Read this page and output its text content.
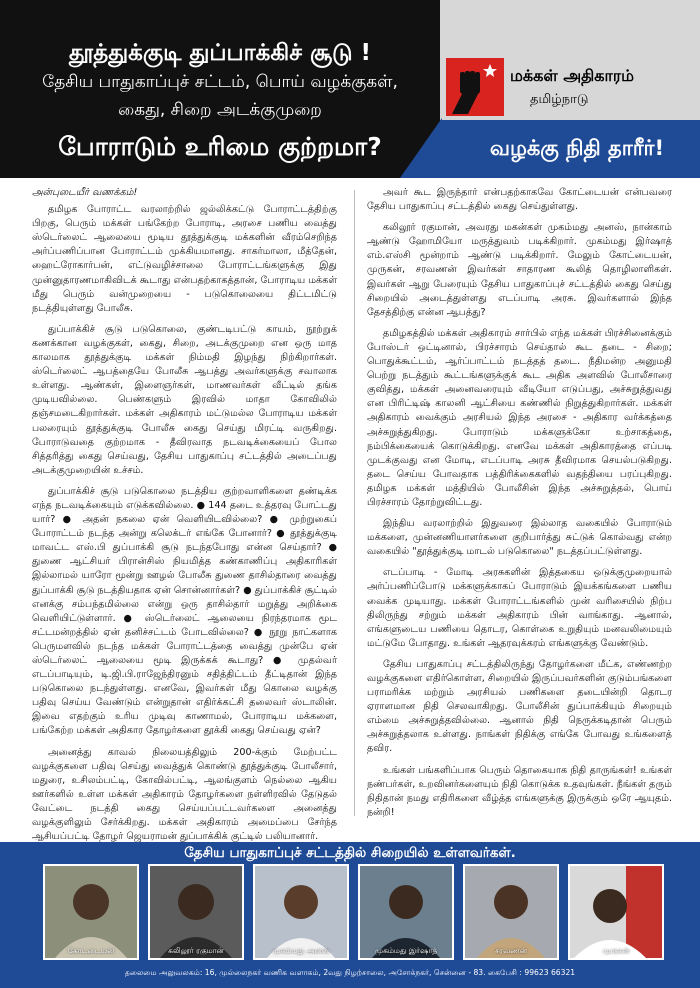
தூத்துக்குடி துப்பாக்கிச் சூடு !
தேசிய பாதுகாப்புச் சட்டம், பொய் வழக்குகள்,
கைது, சிறை அடக்குமுறை
போராடும் உரிமை குற்றமா?
மக்கள் அதிகாரம்
தமிழ்நாடு
வழக்கு நிதி தாரீர்!

அன்புடையீர் வணக்கம்!

தமிழக போராட்ட வரலாற்றில் ஜல்லிக்கட்டு போராட்டத்திற்கு பிறகு, பெரும் மக்கள் பங்கேற்ற போராடி, அரசை பணிய வைத்து ஸ்டெர்லைட் ஆலையை மூடிய தூத்துக்குடி மக்களின் வீரம்செறிந்த அர்ப்பணிப்பான போராட்டம் முக்கியமானது. சாகர்மாலா, மீத்தேன், ஹைட்ரோகார்பன், எட்டுவழிச்சாலை போராட்டங்களுக்கு இது முன்னுதாரணமாகிவிடக் கூடாது என்பதற்காகத்தான், போராடிய மக்கள் மீது பெரும் வன்முறையை - படுகொலையை திட்டமிட்டு நடத்தியுள்ளது போலீசு.

துப்பாக்கிச் சூடு படுகொலை, குண்டடிபட்டு காயம், நூற்றுக் கணக்கான வழக்குகள், கைது, சிறை, அடக்குமுறை என ஒரு மாத காலமாக தூத்துக்குடி மக்கள் நிம்மதி இழந்து நிற்கிறார்கள். ஸ்டெர்லைட் ஆபத்தையே போலீசு ஆபத்து அவர்களுக்கு சவாலாக உள்ளது. ஆண்கள், இளைஞர்கள், மாணவர்கள் வீட்டில் தங்க முடியவில்லை. பெண்களும் இரவில் மாதா கோவிலில் தஞ்சமடைகிறார்கள். மக்கள் அதிகாரம் மட்டுமல்ல போராடிய மக்கள் பலரையும் தூத்துக்குடி போலீசு கைது செய்து மிரட்டி வருகிறது. போராடுவதை குற்றமாக - தீவிரவாத நடவடிக்கையைப் போல சித்தரித்து கைது செய்வது, தேசிய பாதுகாப்பு சட்டத்தில் அடைப்பது அடக்குமுறையின் உச்சம்.

துப்பாக்கிச் சூடு படுகொலை நடத்திய குற்றவாளிகளை தண்டிக்க எந்த நடவடிக்கையும் எடுக்கவில்லை. ● 144 தடை உத்தரவு போட்டது யார்? ● அதன் நகலை ஏன் வெளியிடவில்லை? ● முற்றுகைப் போராட்டம் நடந்த அன்று கலெக்டர் எங்கே போனார்? ● தூத்துக்குடி மாவட்ட எஸ்.பி துப்பாக்கி சூடு நடந்தபோது என்ன செய்தார்? ● துணை ஆட்சியர் பிரான்சிஸ் நியமித்த கண்காணிப்பு அதிகாரிகள் இல்லாமல் யாரோ மூன்று ஊழல் போலீசு துணை தாசில்தாரை வைத்து துப்பாக்கி சூடு நடத்தியதாக ஏன் சொன்னார்கள்? ● துப்பாக்கிச் சூட்டில் எனக்கு சம்பந்தமில்லை என்று ஒரு தாசில்தார் மறுத்து அறிக்கை வெளியிட்டுள்ளார். ● ஸ்டெர்லைட் ஆலையை நிரந்தரமாக மூட சட்டமன்றத்தில் ஏன் தனிச்சட்டம் போடவில்லை? ● நூறு நாட்களாக பெருமளவில் நடந்த மக்கள் போராட்டத்தை வைத்து முன்பே ஏன் ஸ்டெர்லைட் ஆலையை மூடி இருக்கக் கூடாது? ● முதல்வர் எடப்பாடியும், டி.ஜி.பி.ராஜேந்திரனும் சதித்திட்டம் தீட்டிதான் இந்த படுகொலை நடந்துள்ளது. எனவே, இவர்கள் மீது கொலை வழக்கு பதிவு செய்ய வேண்டும் என்றுதான் எதிர்க்கட்சி தலைவர் ஸ்டாலின். இவை எதற்கும் உரிய முடிவு காணாமல், போராடிய மக்களை, பங்கேற்ற மக்கள் அதிகார தோழர்களை தூக்கி கைது செய்வது ஏன்?

அனைத்து காவல் நிலையத்திலும் 200-க்கும் மேற்பட்ட வழக்குகளை பதிவு செய்து வைத்துக் கொண்டு தூத்துக்குடி போலீசார், மதுரை, உசிலம்பட்டி, கோவில்பட்டி, ஆலங்குளம் நெல்லை ஆகிய ஊர்களில் உள்ள மக்கள் அதிகாரம் தோழர்களை நள்ளிரவில் தேடுதல் வேட்டை நடத்தி கைது செய்யப்பட்டவர்களை அனைத்து வழக்குளிலும் சேர்க்கிறது. மக்கள் அதிகாரம் அமைப்பை சேர்ந்த ஆசியப்பட்டி தோழர் ஜெயராமன் துப்பாக்கிக் குட்டில் பலியானார்.

அவர் கூட இருந்தார் என்பதற்காகவே கோட்டையன் என்பவரை தேசிய பாதுகாப்பு சட்டத்தில் கைது செய்துள்ளது.

கலிலூர் ரகுமான், அவரது மகன்கள் முகம்மது அனஸ், நான்காம் ஆண்டு ஹோமியோ மருத்துவம் படிக்கிறார். முகம்மது இர்ஷாத் எம்.எஸ்சி மூன்றாம் ஆண்டு படிக்கிறார். மேலும் கோட்டையன், முருகன், சரவணன் இவர்கள் சாதாரண கூலித் தொழிலாளிகள். இவர்கள் ஆறு பேரையும் தேசிய பாதுகாப்புச் சட்டத்தில் கைது செய்து சிறையில் அடைத்துள்ளது எடப்பாடி அரசு. இவர்களால் இந்த தேசத்திற்கு என்ன ஆபத்து?

தமிழகத்தில் மக்கள் அதிகாரம் சார்பில் எந்த மக்கள் பிரச்சினைக்கும் போஸ்டர் ஒட்டினால், பிரச்சாரம் செய்தால் கூட தடை - சிறை; பொதுக்கூட்டம், ஆர்ப்பாட்டம் நடத்தத் தடை. நீதிமன்ற அனுமதி பெற்று நடத்தும் கூட்டங்களுக்குக் கூட அதிக அளவில் போலீசாரை குவித்து, மக்கள் அனைவரையும் வீடியோ எடுப்பது, அச்சுறுத்துவது என பிரிட்டிஷ் காலனி ஆட்சியை கண்ணில் நிறுத்துகிறார்கள். மக்கள் அதிகாரம் வைக்கும் அரசியல் இந்த அரசை - அதிகார வர்க்கத்தை அச்சுறுத்துகிறது. போராடும் மக்களுக்கோ உற்சாகத்தை, நம்பிக்கையைக் கொடுக்கிறது. எனவே மக்கள் அதிகாரத்தை எப்படி முடக்குவது என மோடி, எடப்பாடி அரசு தீவிரமாக செயல்படுகிறது. தடை செய்ய போவதாக பத்திரிக்கைகளில் வதந்தியை பரப்புகிறது. தமிழக மக்கள் மத்தியில் போலீசின் இந்த அச்சுறுத்தல், பொய் பிரச்சாரம் தோற்றுவிட்டது.

இந்திய வரலாற்றில் இதுவரை இல்லாத வகையில் போராடும் மக்களை, முன்னணியாளர்களை குறிபார்த்து சுட்டுக் கொல்வது என்ற வகையில் "தூத்துக்குடி மாடல் படுகொலை" நடத்தப்பட்டுள்ளது.

எடப்பாடி - மோடி அரசுகளின் இத்தகைய ஒடுக்குமுறையால் அர்ப்பணிப்போடு மக்களுக்காகப் போராடும் இயக்கங்களை பணிய வைக்க முடியாது. மக்கள் போராட்டங்களில் முன் வரிசையில் நிற்ப திலிருந்து சற்றும் மக்கள் அதிகாரம் பின் வாங்காது. ஆனால், எங்களுடைய பணியை தொடர, கொள்கை உறுதியும் மனவலிமையும் மட்டுமே போதாது. உங்கள் ஆதரவுக்கரம் எங்களுக்கு வேண்டும்.

தேசிய பாதுகாப்பு சட்டத்திலிருந்து தோழர்களை மீட்க, எண்ணற்ற வழக்குகளை எதிர்கொள்ள, சிறையில் இருப்பவர்களின் குடும்பங்களை பராமரிக்க மற்றும் அரசியல் பணிகளை தடையின்றி தொடர ஏராளமான நிதி செலவாகிறது. போலீசின் துப்பாக்கியும் சிறையும் எம்மை அச்சுறுத்தவில்லை. ஆனால் நிதி நெருக்கடிதான் பெரும் அச்சுறுத்தலாக உள்ளது. நாங்கள் நிதிக்கு எங்கே போவது உங்களைத் தவிர.

உங்கள் பங்களிப்பாக பெரும் தொகையாக நிதி தாருங்கள்! உங்கள் நண்பர்கள், உறவினர்களையும் நிதி கொடுக்க உதவுங்கள். நீங்கள் தரும் நிதிதான் நமது எதிரிகளை வீழ்த்த எங்களுக்கு இருக்கும் ஒரே ஆயுதம். நன்றி!

தேசிய பாதுகாப்புச் சட்டத்தில் சிறையில் உள்ளவர்கள்.
கோட்டையன்	கலிலூர் ரகுமான்	முகம்மது அனஸ்	முகம்மது இர்ஷாத்	சரவணன்	முருகன்
தலைமை அலுவலகம்: 16, முல்லைநகர் வணிக வளாகம், 2வது நிழற்சாலை, அசோக்நகர், சென்னை - 83. கைபேசி : 99623 66321
